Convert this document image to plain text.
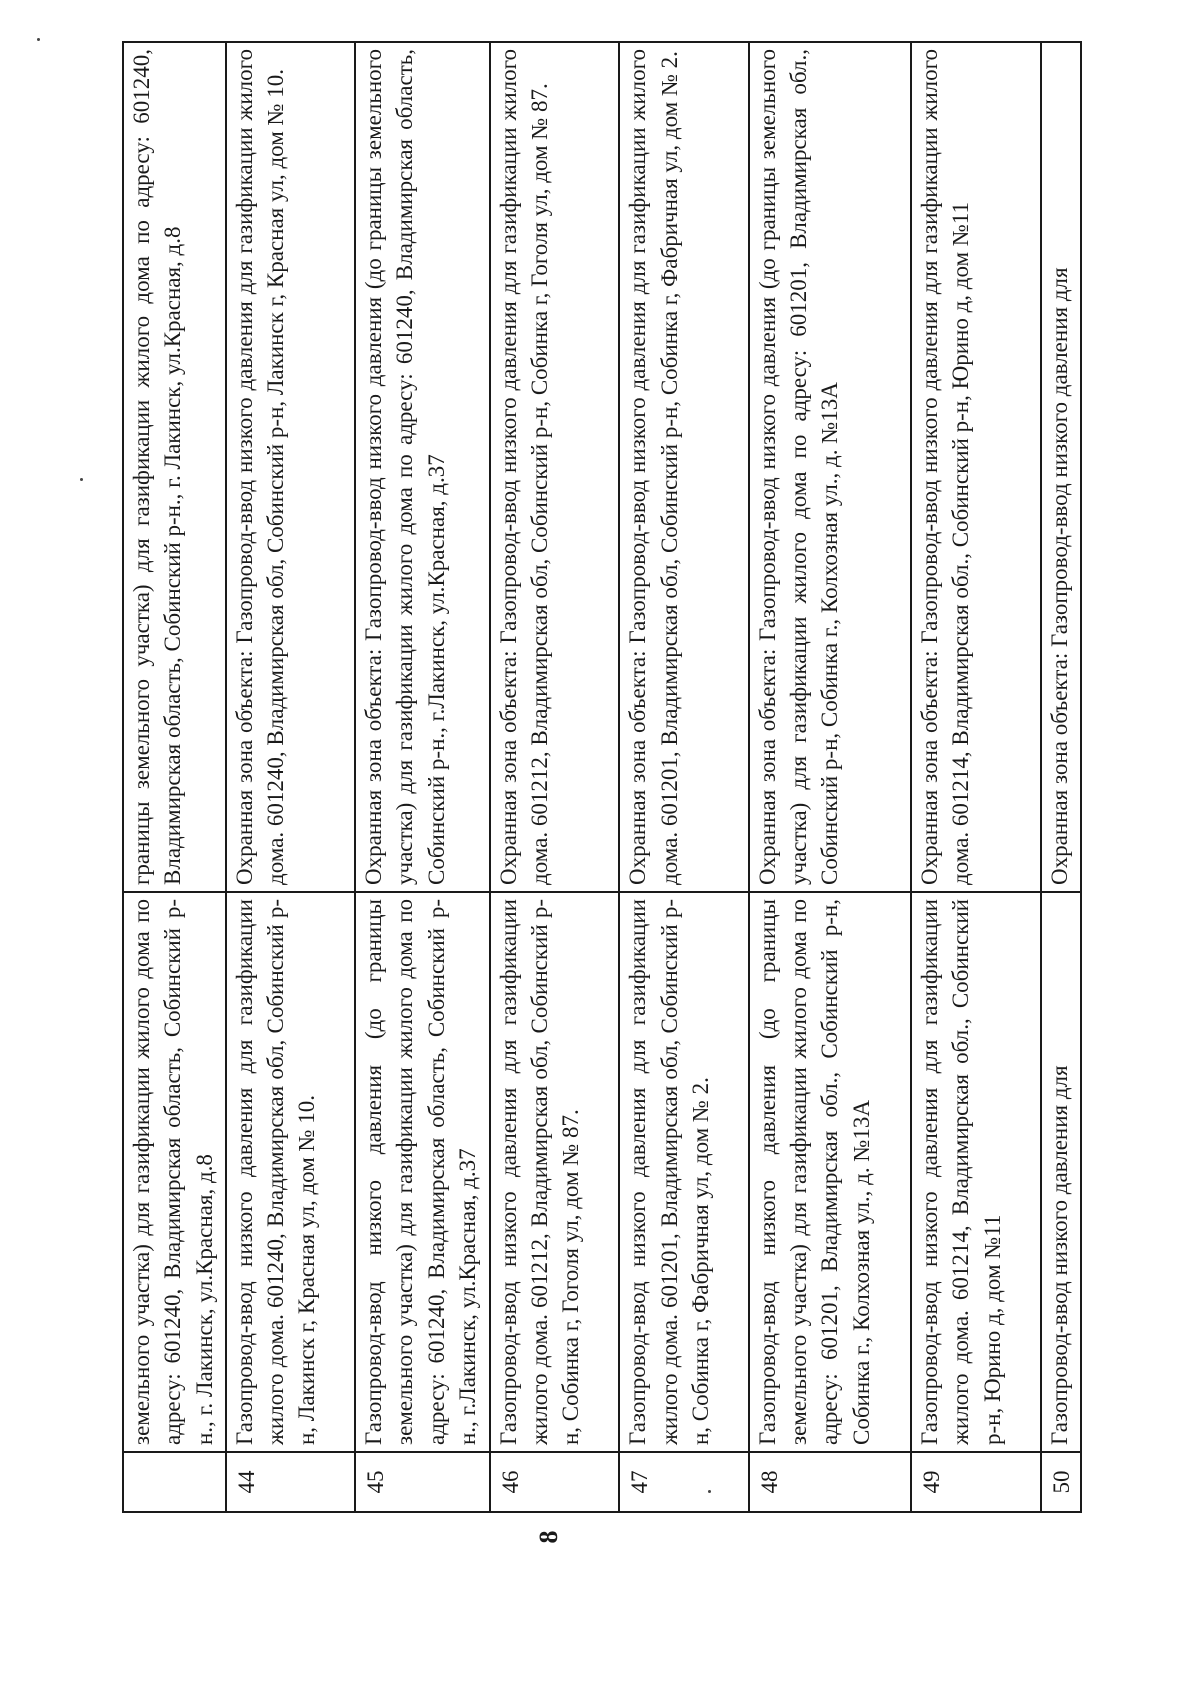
8
	земельного участка) для газификации жилого дома по адресу: 601240, Владимирская область, Собинский р-н., г. Лакинск, ул.Красная, д.8	границы земельного участка) для газификации жилого дома по адресу: 601240, Владимирская область, Собинский р-н., г. Лакинск, ул.Красная, д.8
44	Газопровод-ввод низкого давления для газификации жилого дома. 601240, Владимирская обл, Собинский р-н, Лакинск г, Красная ул, дом № 10.	Охранная зона объекта: Газопровод-ввод низкого давления для газификации жилого дома. 601240, Владимирская обл, Собинский р-н, Лакинск г, Красная ул, дом № 10.
45	Газопровод-ввод низкого давления (до границы земельного участка) для газификации жилого дома по адресу: 601240, Владимирская область, Собинский р-н., г.Лакинск, ул.Красная, д.37	Охранная зона объекта: Газопровод-ввод низкого давления (до границы земельного участка) для газификации жилого дома по адресу: 601240, Владимирская область, Собинский р-н., г.Лакинск, ул.Красная, д.37
46	Газопровод-ввод низкого давления для газификации жилого дома. 601212, Владимирская обл, Собинский р-н, Собинка г, Гоголя ул, дом № 87.	Охранная зона объекта: Газопровод-ввод низкого давления для газификации жилого дома. 601212, Владимирская обл, Собинский р-н, Собинка г, Гоголя ул, дом № 87.
47	Газопровод-ввод низкого давления для газификации жилого дома. 601201, Владимирская обл, Собинский р-н, Собинка г, Фабричная ул, дом № 2.	Охранная зона объекта: Газопровод-ввод низкого давления для газификации жилого дома. 601201, Владимирская обл, Собинский р-н, Собинка г, Фабричная ул, дом № 2.
48	Газопровод-ввод низкого давления (до границы земельного участка) для газификации жилого дома по адресу: 601201, Владимирская обл., Собинский р-н, Собинка г., Колхозная ул., д. №13А	Охранная зона объекта: Газопровод-ввод низкого давления (до границы земельного участка) для газификации жилого дома по адресу: 601201, Владимирская обл., Собинский р-н, Собинка г., Колхозная ул., д. №13А
49	Газопровод-ввод низкого давления для газификации жилого дома. 601214, Владимирская обл., Собинский р-н, Юрино д, дом №11	Охранная зона объекта: Газопровод-ввод низкого давления для газификации жилого дома. 601214, Владимирская обл., Собинский р-н, Юрино д, дом №11
50	Газопровод-ввод низкого давления для	Охранная зона объекта: Газопровод-ввод низкого давления для
